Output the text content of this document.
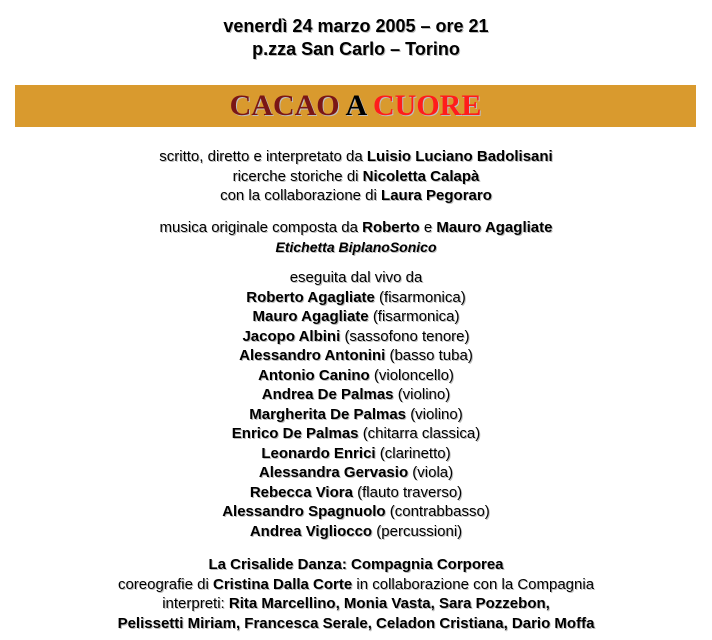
venerdì 24 marzo 2005 – ore 21
p.zza San Carlo – Torino
CACAO A CUORE
scritto, diretto e interpretato da Luisio Luciano Badolisani
ricerche storiche di Nicoletta Calapà
con la collaborazione di Laura Pegoraro
musica originale composta da Roberto e Mauro Agagliate
Etichetta BiplanoSonico
eseguita dal vivo da
Roberto Agagliate (fisarmonica)
Mauro Agagliate (fisarmonica)
Jacopo Albini (sassofono tenore)
Alessandro Antonini (basso tuba)
Antonio Canino (violoncello)
Andrea De Palmas (violino)
Margherita De Palmas (violino)
Enrico De Palmas (chitarra classica)
Leonardo Enrici (clarinetto)
Alessandra Gervasio (viola)
Rebecca Viora (flauto traverso)
Alessandro Spagnuolo (contrabbasso)
Andrea Vigliocco (percussioni)
La Crisalide Danza: Compagnia Corporea
coreografie di Cristina Dalla Corte in collaborazione con la Compagnia
interpreti: Rita Marcellino, Monia Vasta, Sara Pozzebon,
Pelissetti Miriam, Francesca Serale, Celadon Cristiana, Dario Moffa
